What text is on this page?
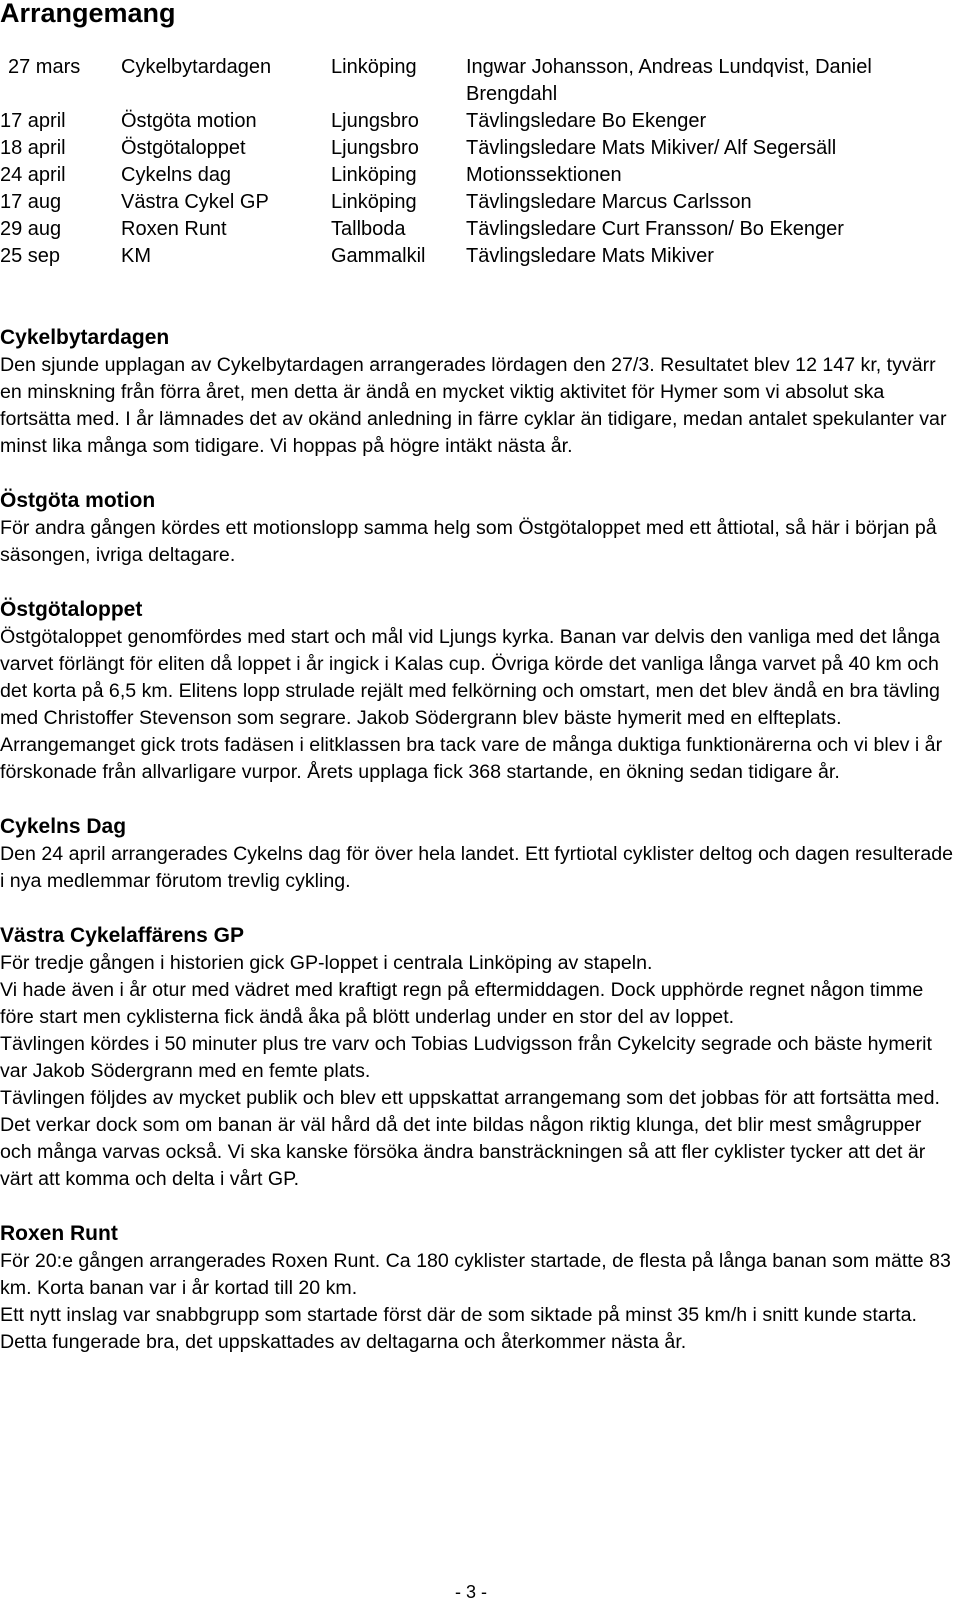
Arrangemang
27 mars Cykelbytardagen	Linköping Ingwar Johansson, Andreas Lundqvist, Daniel Brengdahl
17 april	Östgöta motion	Ljungsbro Tävlingsledare Bo Ekenger
18 april	Östgötaloppet	Ljungsbro Tävlingsledare Mats Mikiver/ Alf Segersäll
24 april	Cykelns dag	Linköping Motionssektionen
17 aug	Västra Cykel GP	Linköping Tävlingsledare Marcus Carlsson
29 aug	Roxen Runt	Tallboda	Tävlingsledare Curt Fransson/ Bo Ekenger
25 sep	KM	Gammalkil Tävlingsledare Mats Mikiver
Cykelbytardagen

Den sjunde upplagan av Cykelbytardagen arrangerades lördagen den 27/3. Resultatet blev 12 147 kr, tyvärr en minskning från förra året, men detta är ändå en mycket viktig aktivitet för Hymer som vi absolut ska fortsätta med. I år lämnades det av okänd anledning in färre cyklar än tidigare, medan antalet spekulanter var minst lika många som tidigare. Vi hoppas på högre intäkt nästa år.

Östgöta motion

För andra gången kördes ett motionslopp samma helg som Östgötaloppet med ett åttiotal, så här i början på säsongen, ivriga deltagare.

Östgötaloppet

Östgötaloppet genomfördes med start och mål vid Ljungs kyrka. Banan var delvis den vanliga med det långa varvet förlängt för eliten då loppet i år ingick i Kalas cup. Övriga körde det vanliga långa varvet på 40 km och det korta på 6,5 km. Elitens lopp strulade rejält med felkörning och omstart, men det blev ändå en bra tävling med Christoffer Stevenson som segrare. Jakob Södergrann blev bäste hymerit med en elfteplats.

Arrangemanget gick trots fadäsen i elitklassen bra tack vare de många duktiga funktionärerna och vi blev i år förskonade från allvarligare vurpor. Årets upplaga fick 368 startande, en ökning sedan tidigare år.

Cykelns Dag

Den 24 april arrangerades Cykelns dag för över hela landet. Ett fyrtiotal cyklister deltog och dagen resulterade i nya medlemmar förutom trevlig cykling.

Västra Cykelaffärens GP

För tredje gången i historien gick GP-loppet i centrala Linköping av stapeln.

Vi hade även i år otur med vädret med kraftigt regn på eftermiddagen. Dock upphörde regnet någon timme före start men cyklisterna fick ändå åka på blött underlag under en stor del av loppet.

Tävlingen kördes i 50 minuter plus tre varv och Tobias Ludvigsson från Cykelcity segrade och bäste hymerit var Jakob Södergrann med en femte plats.

Tävlingen följdes av mycket publik och blev ett uppskattat arrangemang som det jobbas för att fortsätta med.

Det verkar dock som om banan är väl hård då det inte bildas någon riktig klunga, det blir mest smågrupper och många varvas också. Vi ska kanske försöka ändra bansträckningen så att fler cyklister tycker att det är värt att komma och delta i vårt GP.

Roxen Runt

För 20:e gången arrangerades Roxen Runt. Ca 180 cyklister startade, de flesta på långa banan som mätte 83 km. Korta banan var i år kortad till 20 km.

Ett nytt inslag var snabbgrupp som startade först där de som siktade på minst 35 km/h i snitt kunde starta. Detta fungerade bra, det uppskattades av deltagarna och återkommer nästa år.

- 3 -
